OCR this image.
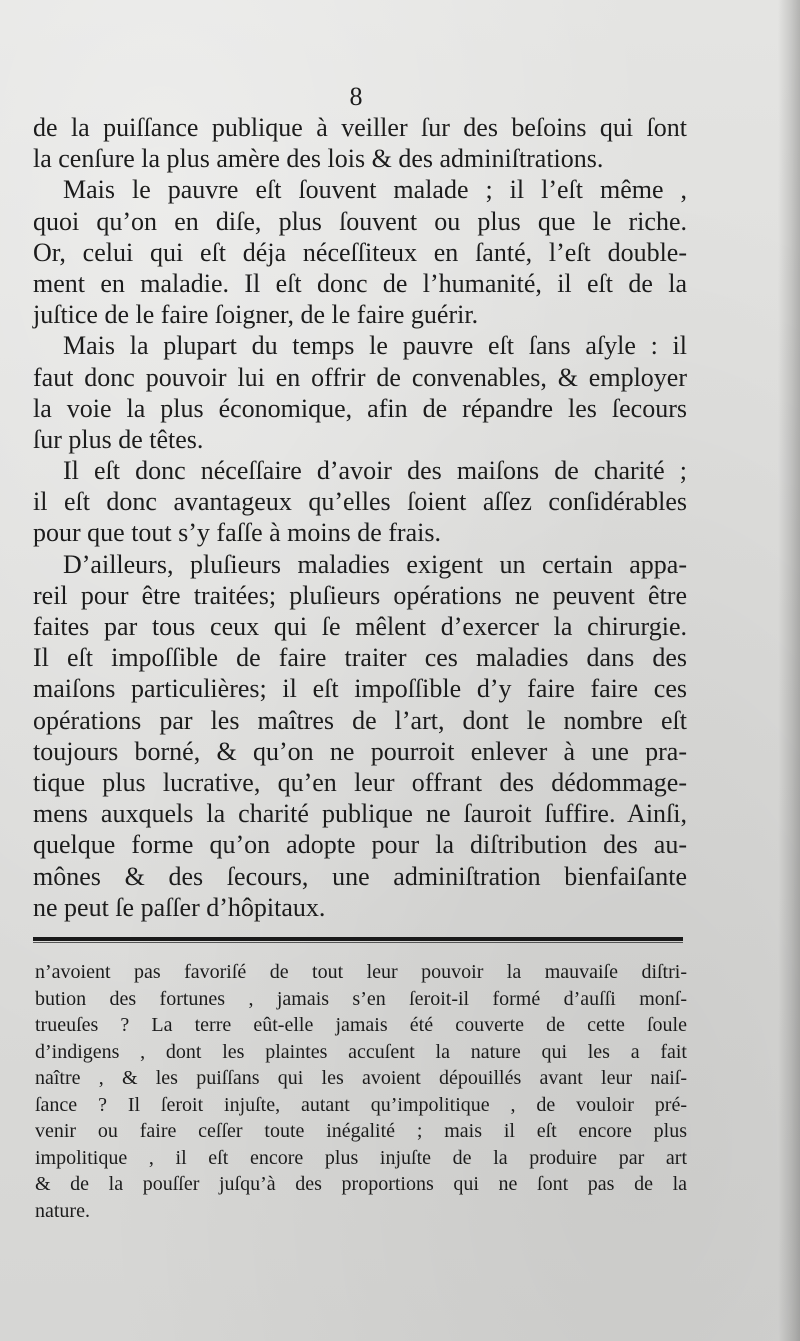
8
de la puiſſance publique à veiller ſur des beſoins qui ſont
la cenſure la plus amère des lois & des adminiſtrations.
Mais le pauvre eſt ſouvent malade ; il l’eſt même ,
quoi qu’on en diſe, plus ſouvent ou plus que le riche.
Or, celui qui eſt déja néceſſiteux en ſanté, l’eſt double-
ment en maladie. Il eſt donc de l’humanité, il eſt de la
juſtice de le faire ſoigner, de le faire guérir.
Mais la plupart du temps le pauvre eſt ſans aſyle : il
faut donc pouvoir lui en offrir de convenables, & employer
la voie la plus économique, afin de répandre les ſecours
ſur plus de têtes.
Il eſt donc néceſſaire d’avoir des maiſons de charité ;
il eſt donc avantageux qu’elles ſoient aſſez conſidérables
pour que tout s’y faſſe à moins de frais.
D’ailleurs, pluſieurs maladies exigent un certain appa-
reil pour être traitées; pluſieurs opérations ne peuvent être
faites par tous ceux qui ſe mêlent d’exercer la chirurgie.
Il eſt impoſſible de faire traiter ces maladies dans des
maiſons particulières; il eſt impoſſible d’y faire faire ces
opérations par les maîtres de l’art, dont le nombre eſt
toujours borné, & qu’on ne pourroit enlever à une pra-
tique plus lucrative, qu’en leur offrant des dédommage-
mens auxquels la charité publique ne ſauroit ſuffire. Ainſi,
quelque forme qu’on adopte pour la diſtribution des au-
mônes & des ſecours, une adminiſtration bienfaiſante
ne peut ſe paſſer d’hôpitaux.
n’avoient pas favoriſé de tout leur pouvoir la mauvaiſe diſtri-
bution des fortunes , jamais s’en ſeroit-il formé d’auſſi monſ-
trueuſes ? La terre eût-elle jamais été couverte de cette ſoule
d’indigens , dont les plaintes accuſent la nature qui les a fait
naître , & les puiſſans qui les avoient dépouillés avant leur naiſ-
ſance ? Il ſeroit injuſte, autant qu’impolitique , de vouloir pré-
venir ou faire ceſſer toute inégalité ; mais il eſt encore plus
impolitique , il eſt encore plus injuſte de la produire par art
& de la pouſſer juſqu’à des proportions qui ne ſont pas de la
nature.
